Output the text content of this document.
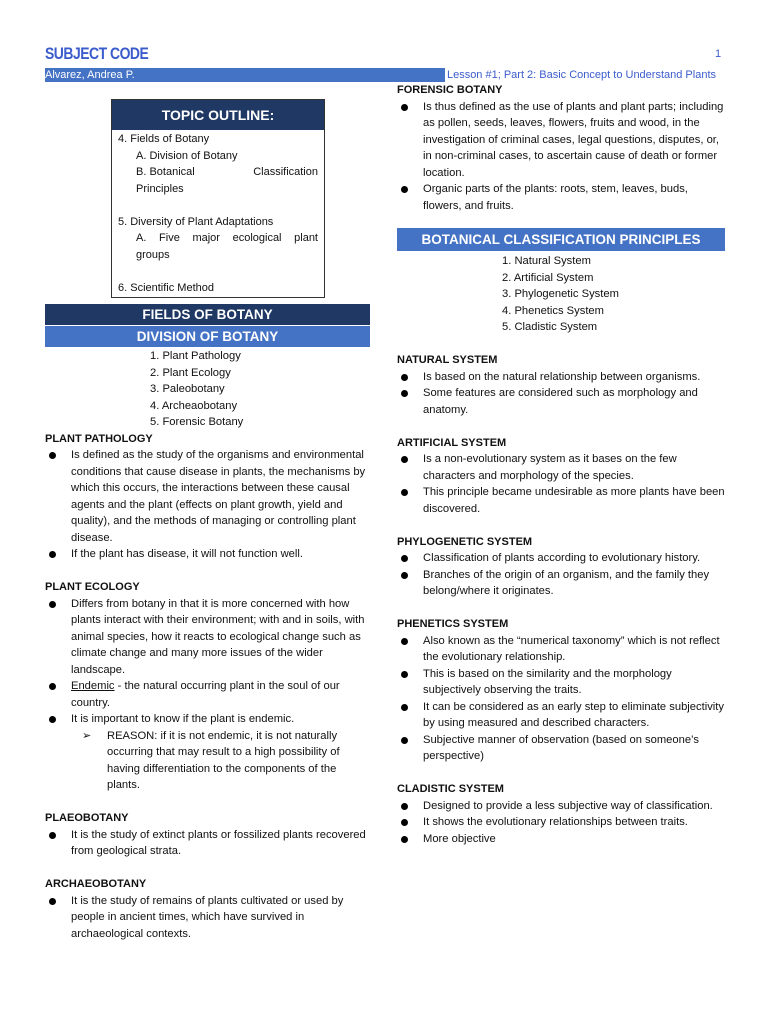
SUBJECT CODE	1
Alvarez, Andrea P.	Lesson #1; Part 2: Basic Concept to Understand Plants
TOPIC OUTLINE:
4. Fields of Botany
A. Division of Botany
B. Botanical	Classification
Principles
5. Diversity of Plant Adaptations
A. Five major ecological plant
groups
6. Scientific Method
FIELDS OF BOTANY
DIVISION OF BOTANY
1. Plant Pathology
2. Plant Ecology
3. Paleobotany
4. Archeaobotany
5. Forensic Botany
PLANT PATHOLOGY
Is defined as the study of the organisms and environmental conditions that cause disease in plants, the mechanisms by which this occurs, the interactions between these causal agents and the plant (effects on plant growth, yield and quality), and the methods of managing or controlling plant disease.
If the plant has disease, it will not function well.
PLANT ECOLOGY
Differs from botany in that it is more concerned with how plants interact with their environment; with and in soils, with animal species, how it reacts to ecological change such as climate change and many more issues of the wider landscape.
Endemic - the natural occurring plant in the soul of our country.
It is important to know if the plant is endemic.
➢ REASON: if it is not endemic, it is not naturally occurring that may result to a high possibility of having differentiation to the components of the plants.
PLAEOBOTANY
It is the study of extinct plants or fossilized plants recovered from geological strata.
ARCHAEOBOTANY
It is the study of remains of plants cultivated or used by people in ancient times, which have survived in archaeological contexts.
FORENSIC BOTANY
Is thus defined as the use of plants and plant parts; including as pollen, seeds, leaves, flowers, fruits and wood, in the investigation of criminal cases, legal questions, disputes, or, in non-criminal cases, to ascertain cause of death or former location.
Organic parts of the plants: roots, stem, leaves, buds, flowers, and fruits.
BOTANICAL CLASSIFICATION PRINCIPLES
1. Natural System
2. Artificial System
3. Phylogenetic System
4. Phenetics System
5. Cladistic System
NATURAL SYSTEM
Is based on the natural relationship between organisms.
Some features are considered such as morphology and anatomy.
ARTIFICIAL SYSTEM
Is a non-evolutionary system as it bases on the few characters and morphology of the species.
This principle became undesirable as more plants have been discovered.
PHYLOGENETIC SYSTEM
Classification of plants according to evolutionary history.
Branches of the origin of an organism, and the family they belong/where it originates.
PHENETICS SYSTEM
Also known as the “numerical taxonomy” which is not reflect the evolutionary relationship.
This is based on the similarity and the morphology subjectively observing the traits.
It can be considered as an early step to eliminate subjectivity by using measured and described characters.
Subjective manner of observation (based on someone’s perspective)
CLADISTIC SYSTEM
Designed to provide a less subjective way of classification.
It shows the evolutionary relationships between traits.
More objective
